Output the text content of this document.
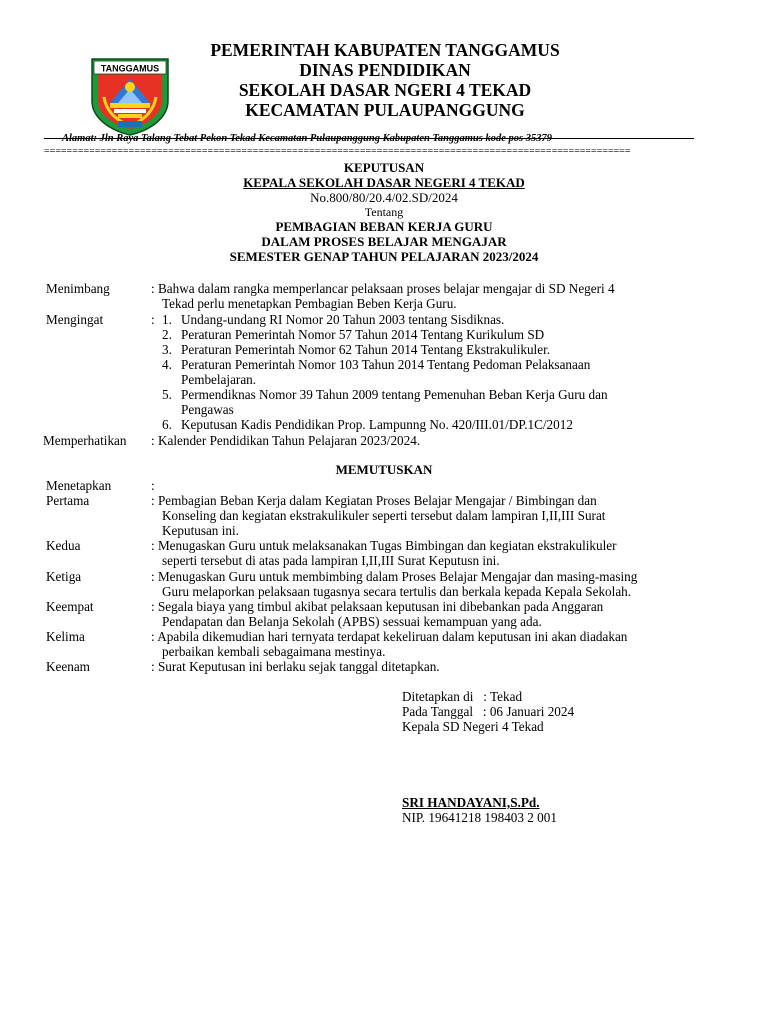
TANGGAMUS
PEMERINTAH KABUPATEN TANGGAMUS
DINAS PENDIDIKAN
SEKOLAH DASAR NGERI 4 TEKAD
KECAMATAN PULAUPANGGUNG
Alamat: Jln Raya Talang Tebat Pekon Tekad Kecamatan Pulaupanggung Kabupaten Tanggamus kode pos 35379
========================================================================================================
KEPUTUSAN
KEPALA SEKOLAH DASAR NEGERI 4 TEKAD
No.800/80/20.4/02.SD/2024
Tentang
PEMBAGIAN BEBAN KERJA GURU
DALAM PROSES BELAJAR MENGAJAR
SEMESTER GENAP TAHUN PELAJARAN 2023/2024
Menimbang	: Bahwa dalam rangka memperlancar pelaksaan proses belajar mengajar di SD Negeri 4
Tekad perlu menetapkan Pembagian Beben Kerja Guru.
Mengingat	: 1. Undang-undang RI Nomor 20 Tahun 2003 tentang Sisdiknas.
2. Peraturan Pemerintah Nomor 57 Tahun 2014 Tentang Kurikulum SD
3. Peraturan Pemerintah Nomor 62 Tahun 2014 Tentang Ekstrakulikuler.
4. Peraturan Pemerintah Nomor 103 Tahun 2014 Tentang Pedoman Pelaksanaan
Pembelajaran.
5. Permendiknas Nomor 39 Tahun 2009 tentang Pemenuhan Beban Kerja Guru dan
Pengawas
6. Keputusan Kadis Pendidikan Prop. Lampunng No. 420/III.01/DP.1C/2012
Memperhatikan : Kalender Pendidikan Tahun Pelajaran 2023/2024.
MEMUTUSKAN
Menetapkan	:
Pertama	: Pembagian Beban Kerja dalam Kegiatan Proses Belajar Mengajar / Bimbingan dan
Konseling dan kegiatan ekstrakulikuler seperti tersebut dalam lampiran I,II,III Surat
Keputusan ini.
Kedua	: Menugaskan Guru untuk melaksanakan Tugas Bimbingan dan kegiatan ekstrakulikuler
seperti tersebut di atas pada lampiran I,II,III Surat Keputusn ini.
Ketiga	: Menugaskan Guru untuk membimbing dalam Proses Belajar Mengajar dan masing-masing
Guru melaporkan pelaksaan tugasnya secara tertulis dan berkala kepada Kepala Sekolah.
Keempat	: Segala biaya yang timbul akibat pelaksaan keputusan ini dibebankan pada Anggaran
Pendapatan dan Belanja Sekolah (APBS) sessuai kemampuan yang ada.
Kelima	: Apabila dikemudian hari ternyata terdapat kekeliruan dalam keputusan ini akan diadakan
perbaikan kembali sebagaimana mestinya.
Keenam	: Surat Keputusan ini berlaku sejak tanggal ditetapkan.
Ditetapkan di   : Tekad
Pada Tanggal   : 06 Januari 2024
Kepala SD Negeri 4 Tekad
SRI HANDAYANI,S.Pd.
NIP. 19641218 198403 2 001
